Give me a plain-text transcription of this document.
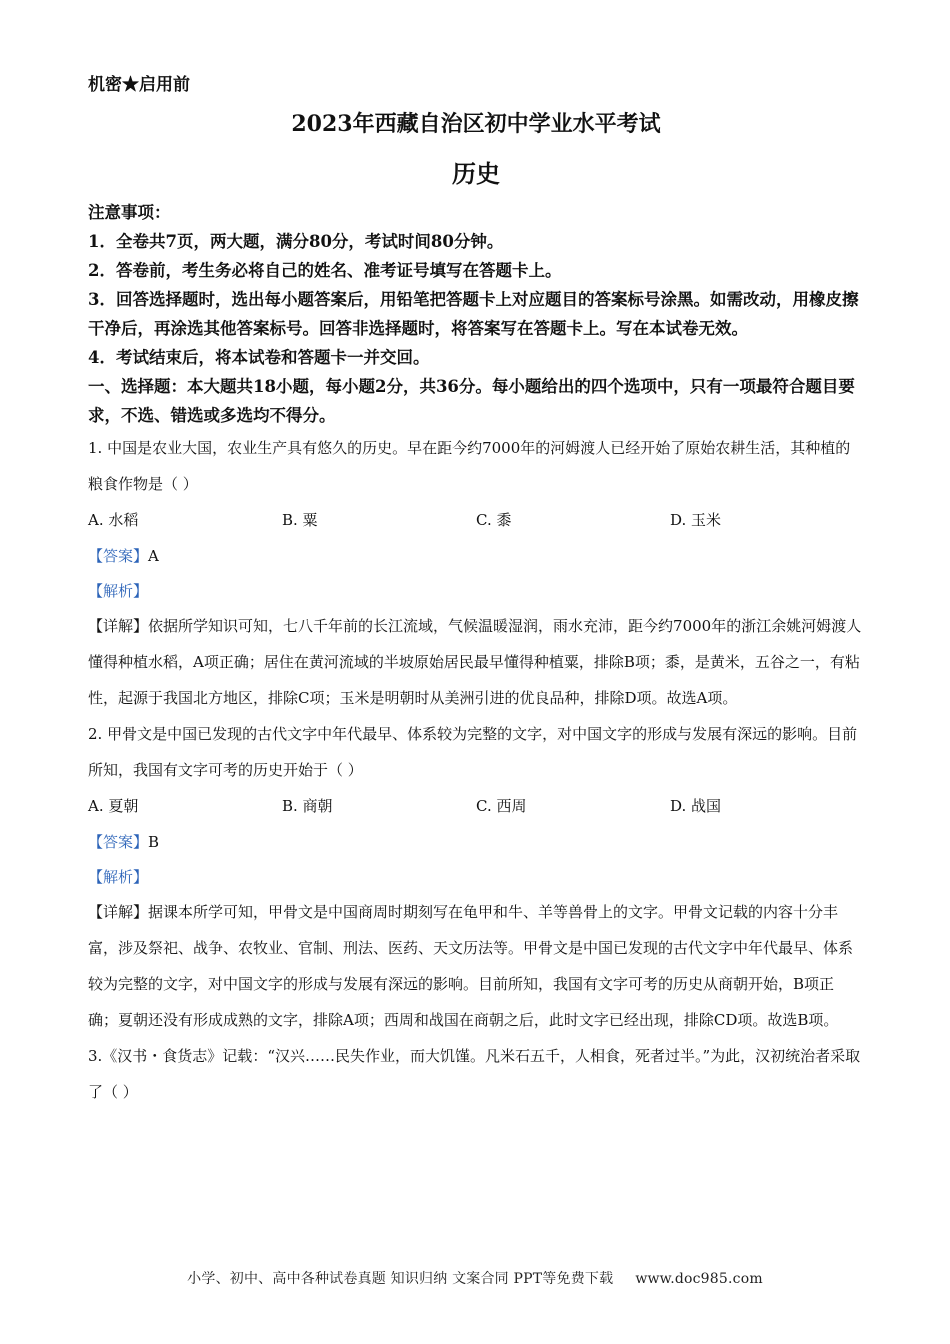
机密★启用前
2023年西藏自治区初中学业水平考试
历史
注意事项：
1．全卷共7页，两大题，满分80分，考试时间80分钟。
2．答卷前，考生务必将自己的姓名、准考证号填写在答题卡上。
3．回答选择题时，选出每小题答案后，用铅笔把答题卡上对应题目的答案标号涂黑。如需改动，用橡皮擦干净后，再涂选其他答案标号。回答非选择题时，将答案写在答题卡上。写在本试卷无效。
4．考试结束后，将本试卷和答题卡一并交回。
一、选择题：本大题共18小题，每小题2分，共36分。每小题给出的四个选项中，只有一项最符合题目要求，不选、错选或多选均不得分。
1. 中国是农业大国，农业生产具有悠久的历史。早在距今约7000年的河姆渡人已经开始了原始农耕生活，其种植的粮食作物是（ ）
A. 水稻	B. 粟	C. 黍	D. 玉米
【答案】A
【解析】
【详解】依据所学知识可知，七八千年前的长江流域，气候温暖湿润，雨水充沛，距今约7000年的浙江余姚河姆渡人懂得种植水稻，A项正确；居住在黄河流域的半坡原始居民最早懂得种植粟，排除B项；黍，是黄米，五谷之一，有粘性，起源于我国北方地区，排除C项；玉米是明朝时从美洲引进的优良品种，排除D项。故选A项。
2. 甲骨文是中国已发现的古代文字中年代最早、体系较为完整的文字，对中国文字的形成与发展有深远的影响。目前所知，我国有文字可考的历史开始于（ ）
A. 夏朝	B. 商朝	C. 西周	D. 战国
【答案】B
【解析】
【详解】据课本所学可知，甲骨文是中国商周时期刻写在龟甲和牛、羊等兽骨上的文字。甲骨文记载的内容十分丰富，涉及祭祀、战争、农牧业、官制、刑法、医药、天文历法等。甲骨文是中国已发现的古代文字中年代最早、体系较为完整的文字，对中国文字的形成与发展有深远的影响。目前所知，我国有文字可考的历史从商朝开始，B项正确；夏朝还没有形成成熟的文字，排除A项；西周和战国在商朝之后，此时文字已经出现，排除CD项。故选B项。
3.《汉书・食货志》记载：“汉兴……民失作业，而大饥馑。凡米石五千，人相食，死者过半。”为此，汉初统治者采取了（ ）
小学、初中、高中各种试卷真题 知识归纳 文案合同 PPT等免费下载 www.doc985.com
